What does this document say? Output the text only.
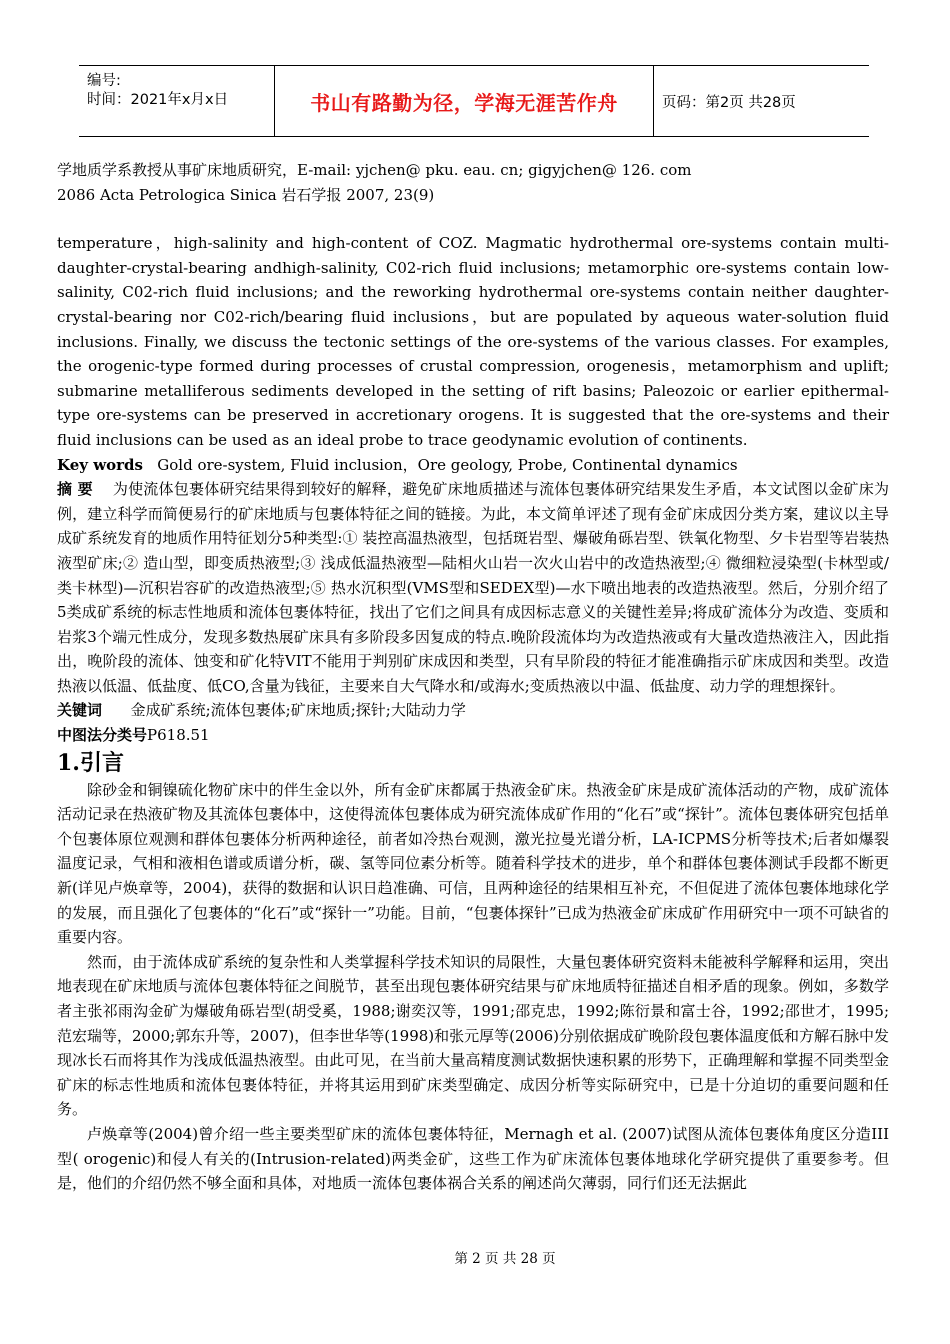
编号:
时间：2021年x月x日	书山有路勤为径，学海无涯苦作舟	页码：第2页 共28页

学地质学系教授从事矿床地质研究，E-mail: yjchen@ pku. eau. cn; gigyjchen@ 126. com

2086 Acta Petrologica Sinica 岩石学报 2007, 23(9)

temperature，high-salinity and high-content of COZ. Magmatic hydrothermal ore-systems contain multi-daughter-crystal-bearing andhigh-salinity, C02-rich fluid inclusions; metamorphic ore-systems contain low-salinity, C02-rich fluid inclusions; and the reworking hydrothermal ore-systems contain neither daughter-crystal-bearing nor C02-rich/bearing fluid inclusions，but are populated by aqueous water-solution fluid inclusions. Finally, we discuss the tectonic settings of the ore-systems of the various classes. For examples, the orogenic-type formed during processes of crustal compression, orogenesis，metamorphism and uplift; submarine metalliferous sediments developed in the setting of rift basins; Paleozoic or earlier epithermal-type ore-systems can be preserved in accretionary orogens. It is suggested that the ore-systems and their fluid inclusions can be used as an ideal probe to trace geodynamic evolution of continents.

Key words Gold ore-system, Fluid inclusion，Ore geology, Probe, Continental dynamics

摘 要 为使流体包裹体研究结果得到较好的解释，避免矿床地质描述与流体包裹体研究结果发生矛盾，本文试图以金矿床为例，建立科学而简便易行的矿床地质与包裹体特征之间的链接。为此，本文简单评述了现有金矿床成因分类方案，建议以主导成矿系统发育的地质作用特征划分5种类型:① 装控高温热液型，包括斑岩型、爆破角砾岩型、铁氧化物型、夕卡岩型等岩装热液型矿床;② 造山型，即变质热液型;③ 浅成低温热液型—陆相火山岩一次火山岩中的改造热液型;④ 微细粒浸染型(卡林型或/类卡林型)—沉积岩容矿的改造热液型;⑤ 热水沉积型(VMS型和SEDEX型)—水下喷出地表的改造热液型。然后，分别介绍了5类成矿系统的标志性地质和流体包裹体特征，找出了它们之间具有成因标志意义的关键性差异;将成矿流体分为改造、变质和岩浆3个端元性成分，发现多数热展矿床具有多阶段多因复成的特点.晚阶段流体均为改造热液或有大量改造热液注入，因此指出，晚阶段的流体、蚀变和矿化特VIT不能用于判别矿床成因和类型，只有早阶段的特征才能准确指示矿床成因和类型。改造热液以低温、低盐度、低CO,含量为钱征，主要来自大气降水和/或海水;变质热液以中温、低盐度、动力学的理想探针。

关键词 金成矿系统;流体包裹体;矿床地质;探针;大陆动力学

中图法分类号P618.51

1.引言

除砂金和铜镍硫化物矿床中的伴生金以外，所有金矿床都属于热液金矿床。热液金矿床是成矿流体活动的产物，成矿流体活动记录在热液矿物及其流体包裹体中，这使得流体包裹体成为研究流体成矿作用的“化石”或“探针”。流体包裹体研究包括单个包裹体原位观测和群体包裹体分析两种途径，前者如冷热台观测，激光拉曼光谱分析，LA-ICPMS分析等技术;后者如爆裂温度记录，气相和液相色谱或质谱分析，碳、氢等同位素分析等。随着科学技术的进步，单个和群体包裹体测试手段都不断更新(详见卢焕章等，2004)，获得的数据和认识日趋准确、可信，且两种途径的结果相互补充，不但促进了流体包裹体地球化学的发展，而且强化了包裹体的“化石”或“探针一”功能。目前，“包裹体探针”已成为热液金矿床成矿作用研究中一项不可缺省的重要内容。

然而，由于流体成矿系统的复杂性和人类掌握科学技术知识的局限性，大量包裹体研究资料未能被科学解释和运用，突出地表现在矿床地质与流体包裹体特征之间脱节，甚至出现包裹体研究结果与矿床地质特征描述自相矛盾的现象。例如，多数学者主张祁雨沟金矿为爆破角砾岩型(胡受奚，1988;谢奕汉等，1991;邵克忠，1992;陈衍景和富士谷，1992;邵世才，1995;范宏瑞等，2000;郭东升等，2007)，但李世华等(1998)和张元厚等(2006)分别依据成矿晚阶段包裹体温度低和方解石脉中发现冰长石而将其作为浅成低温热液型。由此可见，在当前大量高精度测试数据快速积累的形势下，正确理解和掌握不同类型金矿床的标志性地质和流体包裹体特征，并将其运用到矿床类型确定、成因分析等实际研究中，已是十分迫切的重要问题和任务。

卢焕章等(2004)曾介绍一些主要类型矿床的流体包裹体特征，Mernagh et al. (2007)试图从流体包裹体角度区分造III型( orogenic)和侵人有关的(Intrusion-related)两类金矿，这些工作为矿床流体包裹体地球化学研究提供了重要参考。但是，他们的介绍仍然不够全面和具体，对地质一流体包裹体祸合关系的阐述尚欠薄弱，同行们还无法据此

第 2 页 共 28 页
